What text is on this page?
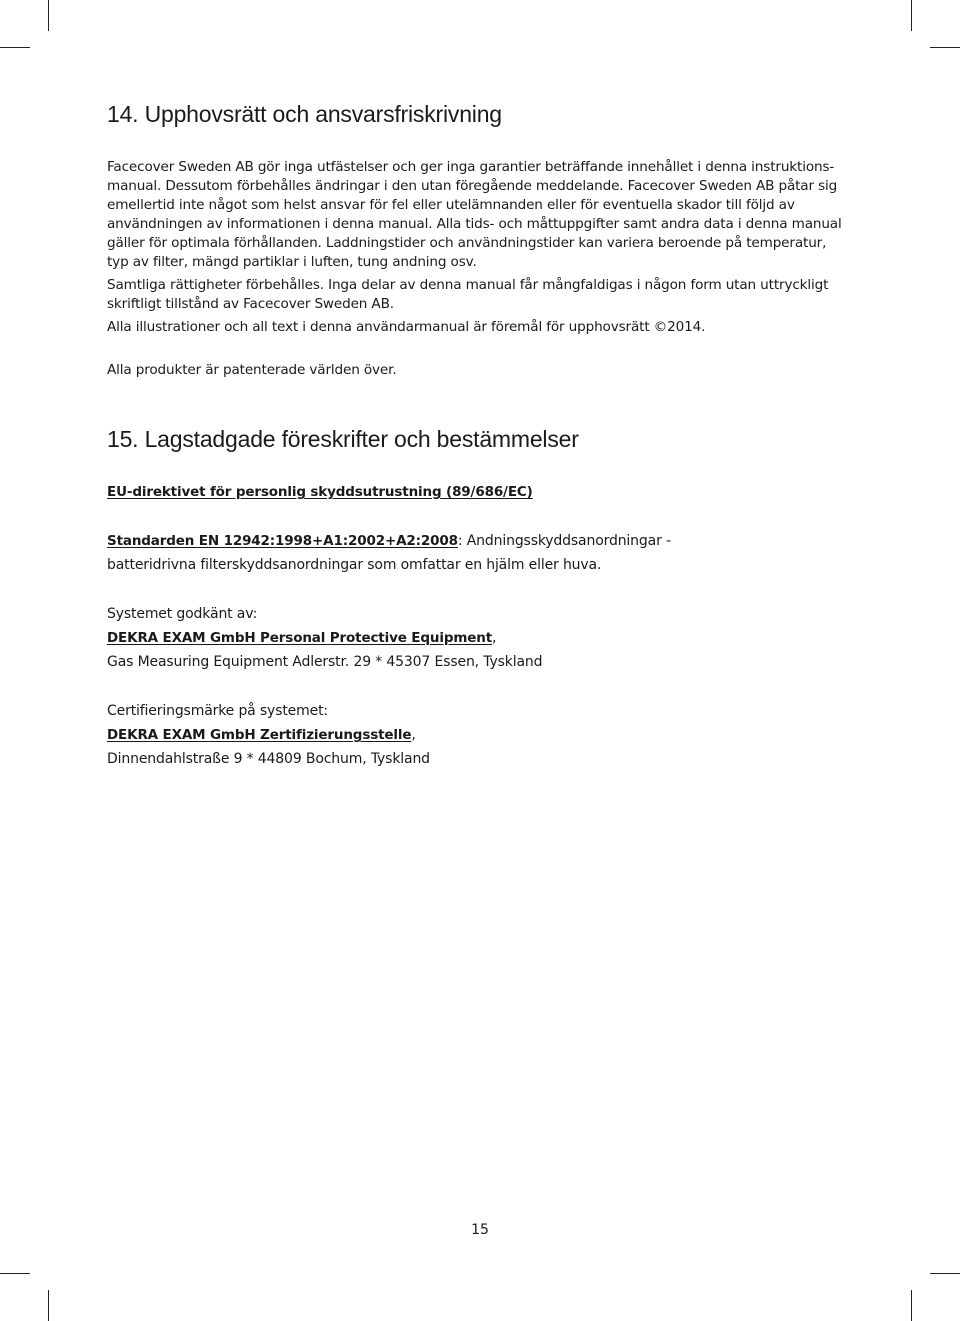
14. Upphovsrätt och ansvarsfriskrivning

Facecover Sweden AB gör inga utfästelser och ger inga garantier beträffande innehållet i denna instruktions-manual. Dessutom förbehålles ändringar i den utan föregående meddelande. Facecover Sweden AB påtar sig emellertid inte något som helst ansvar för fel eller utelämnanden eller för eventuella skador till följd av användningen av informationen i denna manual. Alla tids- och måttuppgifter samt andra data i denna manual gäller för optimala förhållanden. Laddningstider och användningstider kan variera beroende på temperatur, typ av filter, mängd partiklar i luften, tung andning osv.

Samtliga rättigheter förbehålles. Inga delar av denna manual får mångfaldigas i någon form utan uttryckligt skriftligt tillstånd av Facecover Sweden AB.

Alla illustrationer och all text i denna användarmanual är föremål för upphovsrätt ©2014.

Alla produkter är patenterade världen över.

15. Lagstadgade föreskrifter och bestämmelser

EU-direktivet för personlig skyddsutrustning (89/686/EC)

Standarden EN 12942:1998+A1:2002+A2:2008: Andningsskyddsanordningar -

batteridrivna filterskyddsanordningar som omfattar en hjälm eller huva.

Systemet godkänt av:

DEKRA EXAM GmbH Personal Protective Equipment,

Gas Measuring Equipment Adlerstr. 29 * 45307 Essen, Tyskland

Certifieringsmärke på systemet:

DEKRA EXAM GmbH Zertifizierungsstelle,

Dinnendahlstraße 9 * 44809 Bochum, Tyskland

15
